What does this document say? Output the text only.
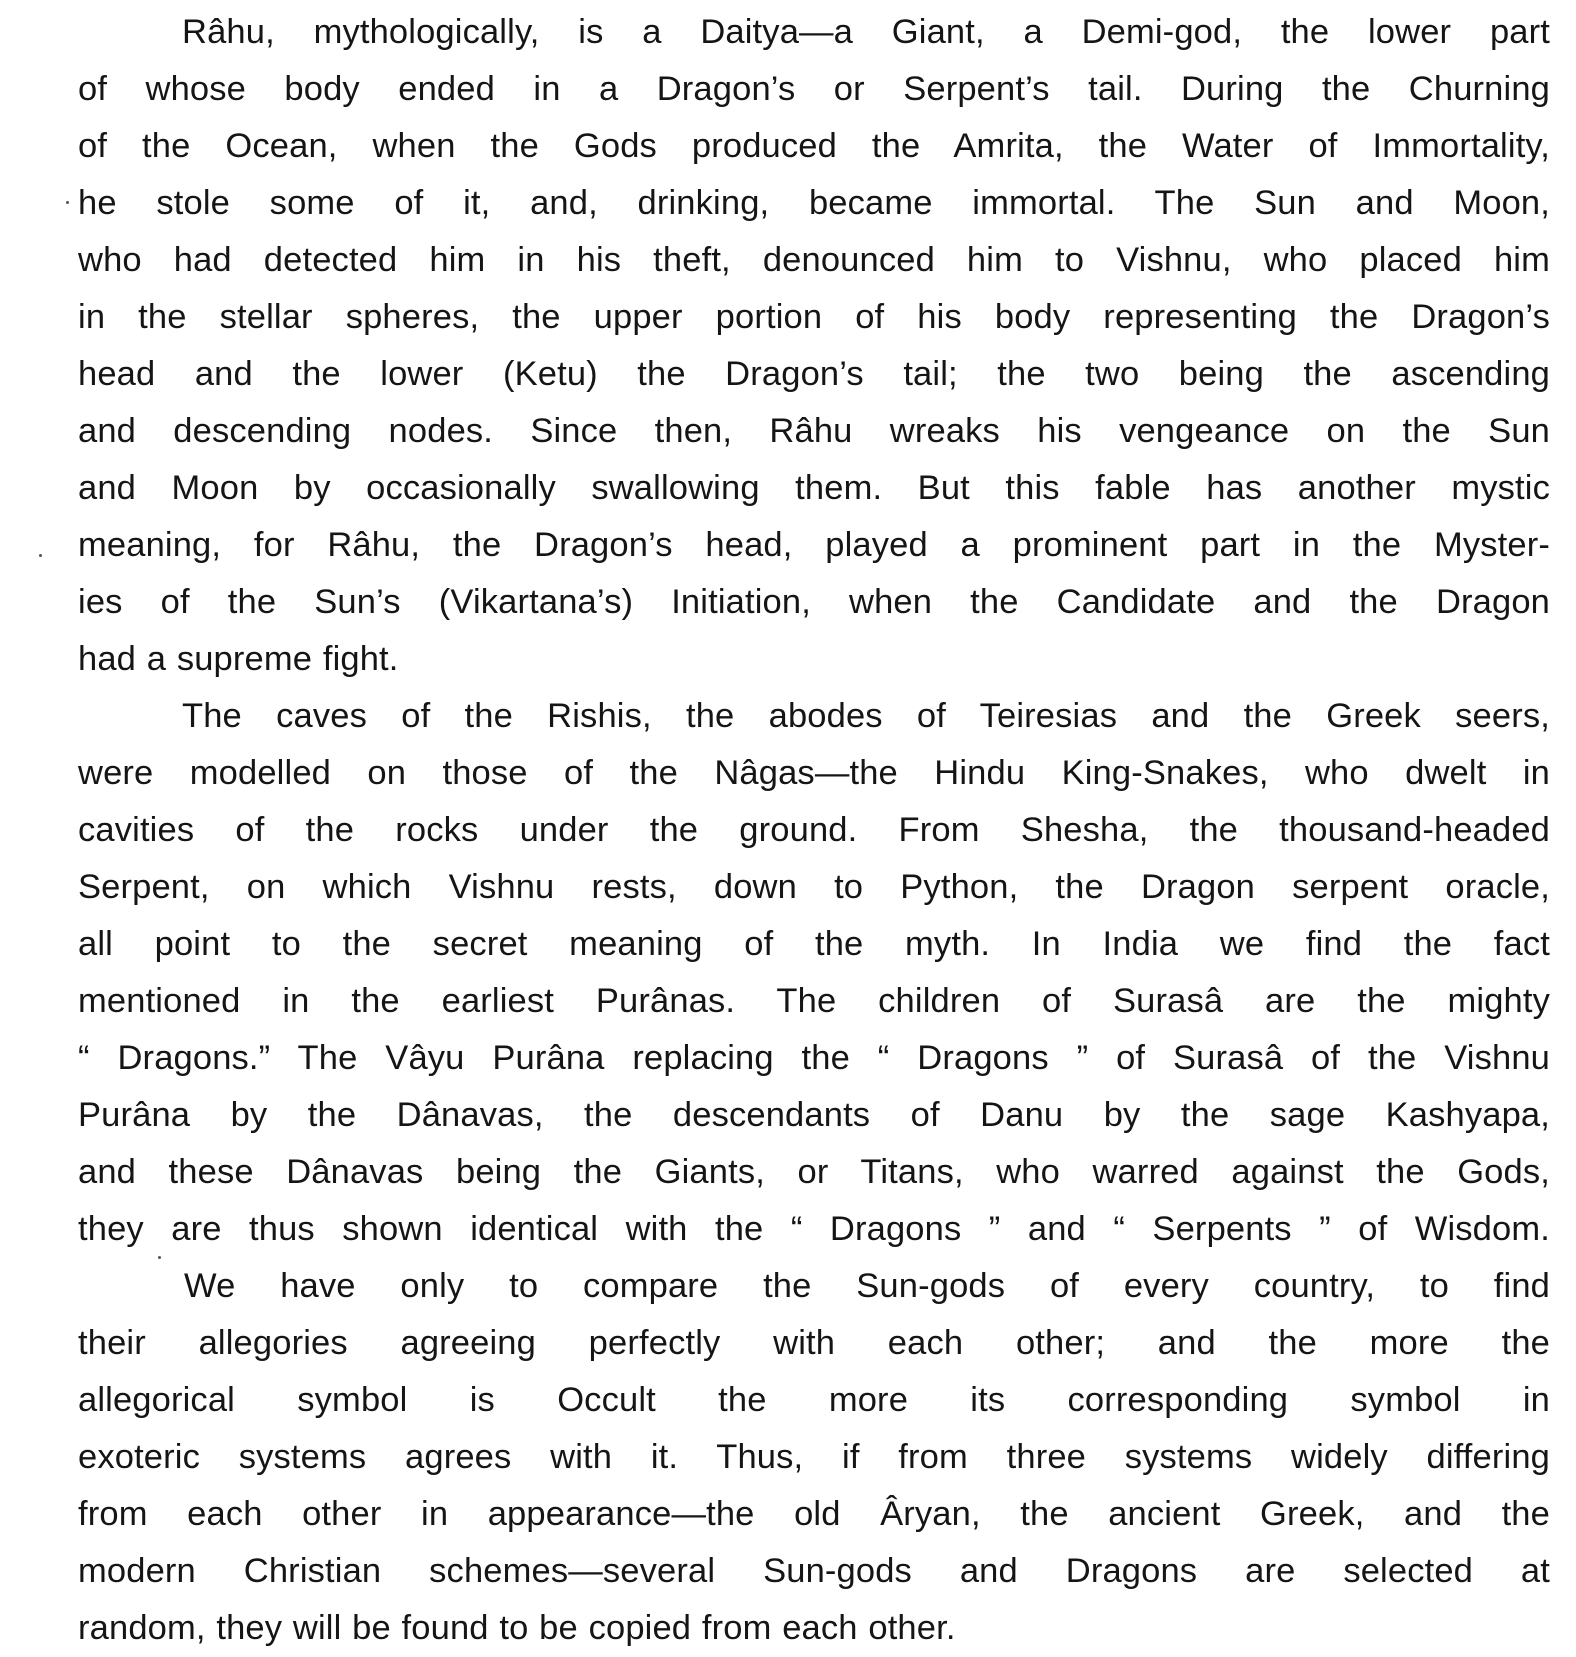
Râhu, mythologically, is a Daitya—a Giant, a Demi-god, the lower part
of whose body ended in a Dragon’s or Serpent’s tail. During the Churning
of the Ocean, when the Gods produced the Amrita, the Water of Immortality,
he stole some of it, and, drinking, became immortal. The Sun and Moon,
who had detected him in his theft, denounced him to Vishnu, who placed him
in the stellar spheres, the upper portion of his body representing the Dragon’s
head and the lower (Ketu) the Dragon’s tail; the two being the ascending
and descending nodes. Since then, Râhu wreaks his vengeance on the Sun
and Moon by occasionally swallowing them. But this fable has another mystic
meaning, for Râhu, the Dragon’s head, played a prominent part in the Myster-
ies of the Sun’s (Vikartana’s) Initiation, when the Candidate and the Dragon
had a supreme fight.
The caves of the Rishis, the abodes of Teiresias and the Greek seers,
were modelled on those of the Nâgas—the Hindu King-Snakes, who dwelt in
cavities of the rocks under the ground. From Shesha, the thousand-headed
Serpent, on which Vishnu rests, down to Python, the Dragon serpent oracle,
all point to the secret meaning of the myth. In India we find the fact
mentioned in the earliest Purânas. The children of Surasâ are the mighty
“ Dragons.” The Vâyu Purâna replacing the “ Dragons ” of Surasâ of the Vishnu
Purâna by the Dânavas, the descendants of Danu by the sage Kashyapa,
and these Dânavas being the Giants, or Titans, who warred against the Gods,
they are thus shown identical with the “ Dragons ” and “ Serpents ” of Wisdom.
We have only to compare the Sun-gods of every country, to find
their allegories agreeing perfectly with each other; and the more the
allegorical symbol is Occult the more its corresponding symbol in
exoteric systems agrees with it. Thus, if from three systems widely differing
from each other in appearance—the old Âryan, the ancient Greek, and the
modern Christian schemes—several Sun-gods and Dragons are selected at
random, they will be found to be copied from each other.
